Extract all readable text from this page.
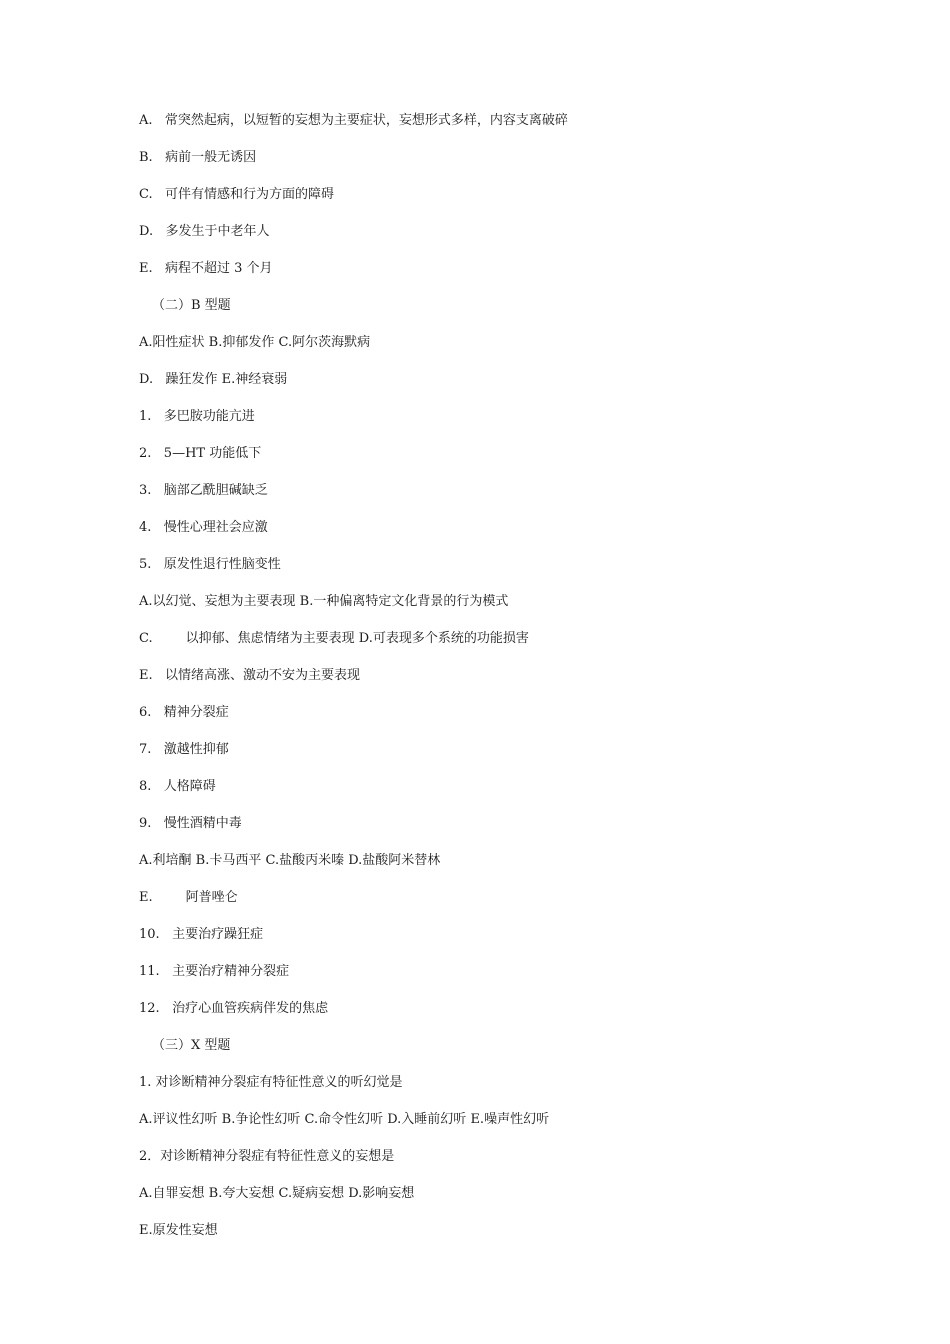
A.   常突然起病，以短暂的妄想为主要症状，妄想形式多样，内容支离破碎
B.   病前一般无诱因
C.   可伴有情感和行为方面的障碍
D.   多发生于中老年人
E.   病程不超过 3 个月
（二）B 型题
A.阳性症状 B.抑郁发作 C.阿尔茨海默病
D.   躁狂发作 E.神经衰弱
1.   多巴胺功能亢进
2.   5—HT 功能低下
3.   脑部乙酰胆碱缺乏
4.   慢性心理社会应激
5.   原发性退行性脑变性
A.以幻觉、妄想为主要表现 B.一种偏离特定文化背景的行为模式
C.        以抑郁、焦虑情绪为主要表现 D.可表现多个系统的功能损害
E.   以情绪高涨、激动不安为主要表现
6.   精神分裂症
7.   激越性抑郁
8.   人格障碍
9.   慢性酒精中毒
A.利培酮 B.卡马西平 C.盐酸丙米嗪 D.盐酸阿米替林
E.        阿普唑仑
10.   主要治疗躁狂症
11.   主要治疗精神分裂症
12.   治疗心血管疾病伴发的焦虑
（三）X 型题
1. 对诊断精神分裂症有特征性意义的听幻觉是
A.评议性幻听 B.争论性幻听 C.命令性幻听 D.入睡前幻听 E.噪声性幻听
2．对诊断精神分裂症有特征性意义的妄想是
A.自罪妄想 B.夸大妄想 C.疑病妄想 D.影响妄想
E.原发性妄想
